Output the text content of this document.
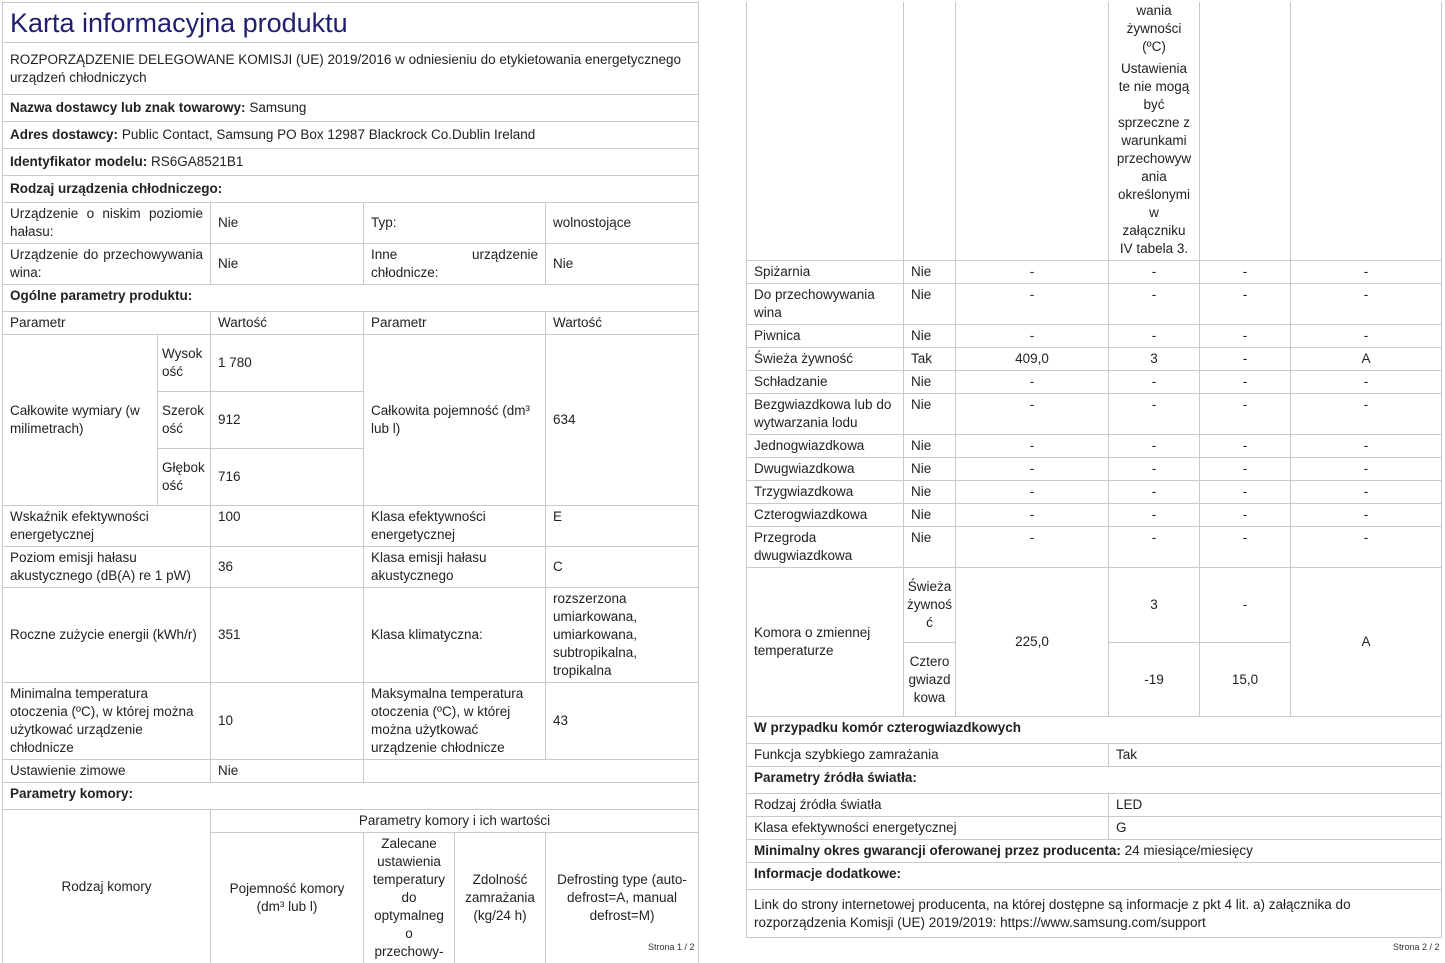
Karta informacyjna produktu				
ROZPORZĄDZENIE DELEGOWANE KOMISJI (UE) 2019/2016 w odniesieniu do etykietowania energetycznego urządzeń chłodniczych				
Nazwa dostawcy lub znak towarowy: Samsung				
Adres dostawcy: Public Contact, Samsung PO Box 12987 Blackrock Co.Dublin Ireland				
Identyfikator modelu: RS6GA8521B1				
Rodzaj urządzenia chłodniczego:				
Urządzenie o niskim poziomie hałasu:		Nie	Typ:	wolnostojące
Urządzenie do przechowywania wina:		Nie	Inne urządzenie chłodnicze:	Nie
Ogólne parametry produktu:				
Parametr		Wartość	Parametr	Wartość
Całkowite wymiary (w milimetrach)	Wysokość	1 780	Całkowita pojemność (dm³ lub l)	634
	Szerokość	912		
	Głębokość	716		
Wskaźnik efektywności energetycznej		100	Klasa efektywności energetycznej	E
Poziom emisji hałasu akustycznego (dB(A) re 1 pW)		36	Klasa emisji hałasu akustycznego	C
Roczne zużycie energii (kWh/r)		351	Klasa klimatyczna:	rozszerzona umiarkowana, umiarkowana, subtropikalna, tropikalna
Minimalna temperatura otoczenia (ºC), w której można użytkować urządzenie chłodnicze		10	Maksymalna temperatura otoczenia (ºC), w której można użytkować urządzenie chłodnicze	43
Ustawienie zimowe		Nie		
Parametry komory:				
Rodzaj komory	Parametry komory i ich wartości			
	Pojemność komory (dm³ lub l)	Zalecane ustawienia temperatury do optymalnego przechowy-	Zdolność zamrażania (kg/24 h)	Defrosting type (auto-defrost=A, manual defrost=M)
Strona 1 / 2

			wania żywności (ºC)
Ustawienia te nie mogą być sprzeczne z warunkami przechowywania określonymi w załączniku IV tabela 3.		

Spiżarnia	Nie	-	-	-	-
Do przechowywania wina	Nie	-	-	-	-
Piwnica	Nie	-	-	-	-
Świeża żywność	Tak	409,0	3	-	A
Schładzanie	Nie	-	-	-	-
Bezgwiazdkowa lub do wytwarzania lodu	Nie	-	-	-	-
Jednogwiazdkowa	Nie	-	-	-	-
Dwugwiazdkowa	Nie	-	-	-	-
Trzygwiazdkowa	Nie	-	-	-	-
Czterogwiazdkowa	Nie	-	-	-	-
Przegroda dwugwiazdkowa	Nie	-	-	-	-
Komora o zmiennej temperaturze	Świeża żywność	225,0	3	-	A
	Czterogwiazdkowa		-19	15,0	
W przypadku komór czterogwiazdkowych					
Funkcja szybkiego zamrażania			Tak		
Parametry źródła światła:					
Rodzaj źródła światła			LED		
Klasa efektywności energetycznej			G		
Minimalny okres gwarancji oferowanej przez producenta: 24 miesiące/miesięcy					
Informacje dodatkowe:					
Link do strony internetowej producenta, na której dostępne są informacje z pkt 4 lit. a) załącznika do rozporządzenia Komisji (UE) 2019/2019: https://www.samsung.com/support					
Strona 2 / 2
